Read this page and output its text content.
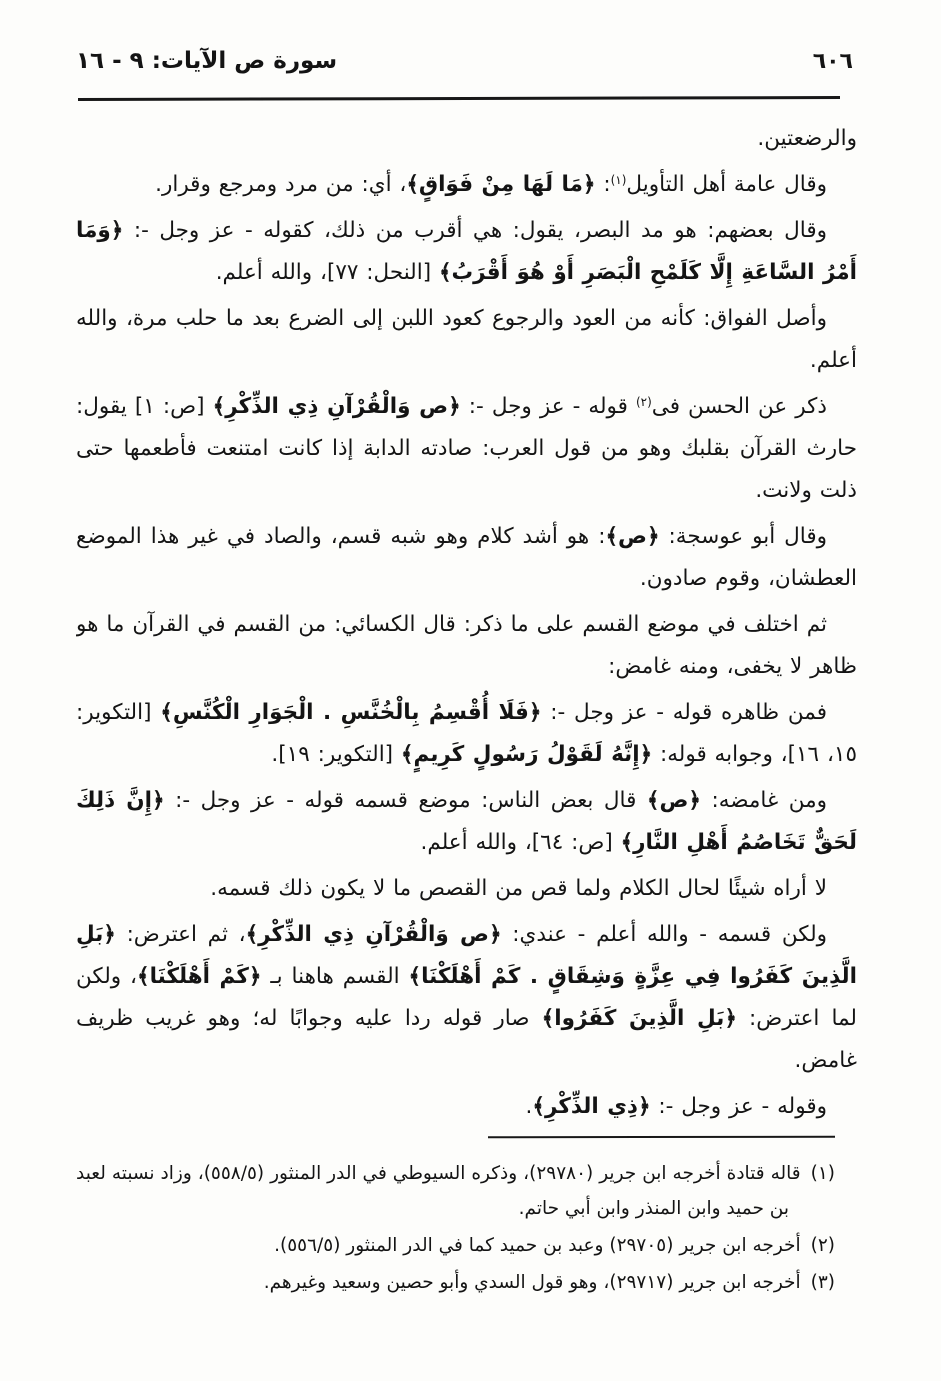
٦٠٦
سورة ص الآيات: ٩ - ١٦

والرضعتين.

وقال عامة أهل التأويل$^{(١)}$: ﴿مَا لَهَا مِنْ فَوَاقٍ﴾، أي: من مرد ومرجع وقرار.

وقال بعضهم: هو مد البصر، يقول: هي أقرب من ذلك، كقوله - عز وجل -: ﴿وَمَا أَمْرُ السَّاعَةِ إِلَّا كَلَمْحِ الْبَصَرِ أَوْ هُوَ أَقْرَبُ﴾ [النحل: ٧٧]، والله أعلم.

وأصل الفواق: كأنه من العود والرجوع كعود اللبن إلى الضرع بعد ما حلب مرة، والله أعلم.

ذكر عن الحسن فى$^{(٢)}$ قوله - عز وجل -: ﴿ص وَالْقُرْآنِ ذِي الذِّكْرِ﴾ [ص: ١] يقول: حارث القرآن بقلبك وهو من قول العرب: صادته الدابة إذا كانت امتنعت فأطعمها حتى ذلت ولانت.

وقال أبو عوسجة: ﴿ص﴾: هو أشد كلام وهو شبه قسم، والصاد في غير هذا الموضع العطشان، وقوم صادون.

ثم اختلف في موضع القسم على ما ذكر: قال الكسائي: من القسم في القرآن ما هو ظاهر لا يخفى، ومنه غامض:

فمن ظاهره قوله - عز وجل -: ﴿فَلَا أُقْسِمُ بِالْخُنَّسِ . الْجَوَارِ الْكُنَّسِ﴾ [التكوير: ١٥، ١٦]، وجوابه قوله: ﴿إِنَّهُ لَقَوْلُ رَسُولٍ كَرِيمٍ﴾ [التكوير: ١٩].

ومن غامضه: ﴿ص﴾ قال بعض الناس: موضع قسمه قوله - عز وجل -: ﴿إِنَّ ذَلِكَ لَحَقٌّ تَخَاصُمُ أَهْلِ النَّارِ﴾ [ص: ٦٤]، والله أعلم.

لا أراه شيئًا لحال الكلام ولما قص من القصص ما لا يكون ذلك قسمه.

ولكن قسمه - والله أعلم - عندي: ﴿ص وَالْقُرْآنِ ذِي الذِّكْرِ﴾، ثم اعترض: ﴿بَلِ الَّذِينَ كَفَرُوا فِي عِزَّةٍ وَشِقَاقٍ . كَمْ أَهْلَكْنَا﴾ القسم هاهنا بـ ﴿كَمْ أَهْلَكْنَا﴾، ولكن لما اعترض: ﴿بَلِ الَّذِينَ كَفَرُوا﴾ صار قوله ردا عليه وجوابًا له؛ وهو غريب ظريف غامض.

وقوله - عز وجل -: ﴿ذِي الذِّكْرِ﴾.

(١)قاله قتادة أخرجه ابن جرير (٢٩٧٨٠)، وذكره السيوطي في الدر المنثور (٥٥٨/٥)، وزاد نسبته لعبد بن حميد وابن المنذر وابن أبي حاتم.
(٢)أخرجه ابن جرير (٢٩٧٠٥) وعبد بن حميد كما في الدر المنثور (٥٥٦/٥).
(٣)أخرجه ابن جرير (٢٩٧١٧)، وهو قول السدي وأبو حصين وسعيد وغيرهم.
